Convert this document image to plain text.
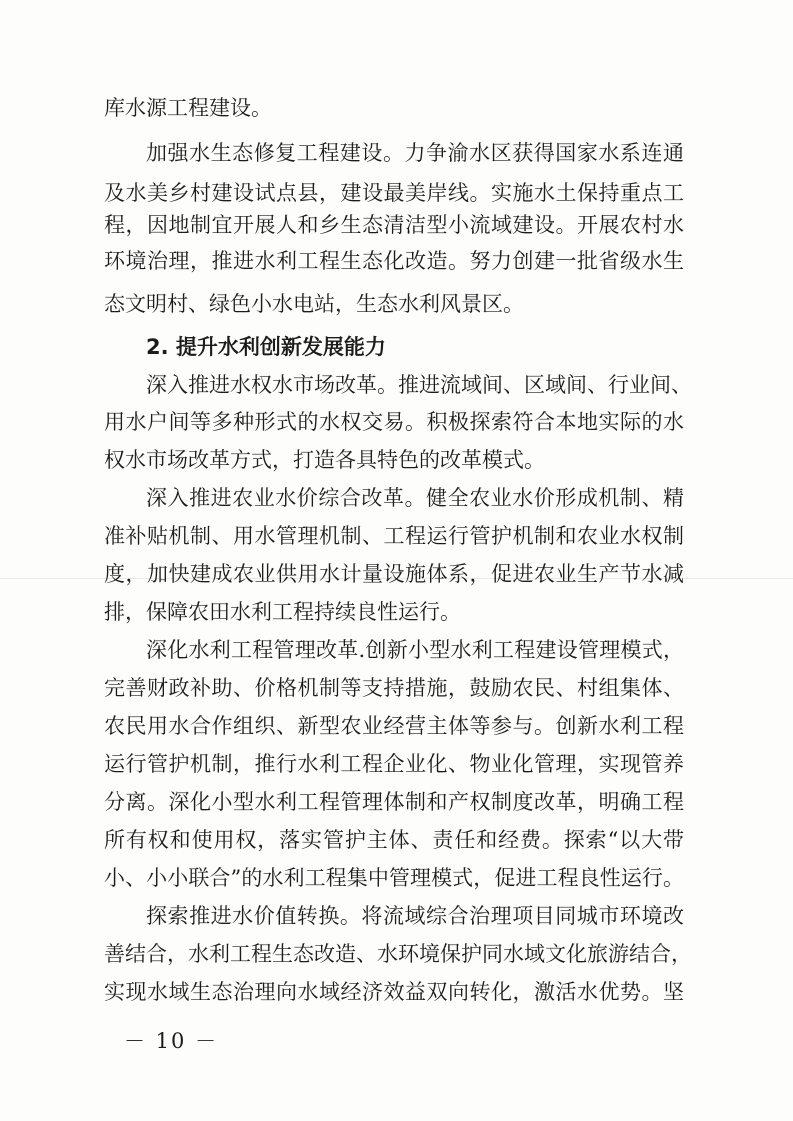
库水源工程建设。
加强水生态修复工程建设。力争渝水区获得国家水系连通
及水美乡村建设试点县，建设最美岸线。实施水土保持重点工
程，因地制宜开展人和乡生态清洁型小流域建设。开展农村水
环境治理，推进水利工程生态化改造。努力创建一批省级水生
态文明村、绿色小水电站，生态水利风景区。
2. 提升水利创新发展能力
深入推进水权水市场改革。推进流域间、区域间、行业间、
用水户间等多种形式的水权交易。积极探索符合本地实际的水
权水市场改革方式，打造各具特色的改革模式。
深入推进农业水价综合改革。健全农业水价形成机制、精
准补贴机制、用水管理机制、工程运行管护机制和农业水权制
度，加快建成农业供用水计量设施体系，促进农业生产节水减
排，保障农田水利工程持续良性运行。
深化水利工程管理改革.创新小型水利工程建设管理模式，
完善财政补助、价格机制等支持措施，鼓励农民、村组集体、
农民用水合作组织、新型农业经营主体等参与。创新水利工程
运行管护机制，推行水利工程企业化、物业化管理，实现管养
分离。深化小型水利工程管理体制和产权制度改革，明确工程
所有权和使用权，落实管护主体、责任和经费。探索“以大带
小、小小联合”的水利工程集中管理模式，促进工程良性运行。
探索推进水价值转换。将流域综合治理项目同城市环境改
善结合，水利工程生态改造、水环境保护同水域文化旅游结合，
实现水域生态治理向水域经济效益双向转化，激活水优势。坚
－ 10 －
